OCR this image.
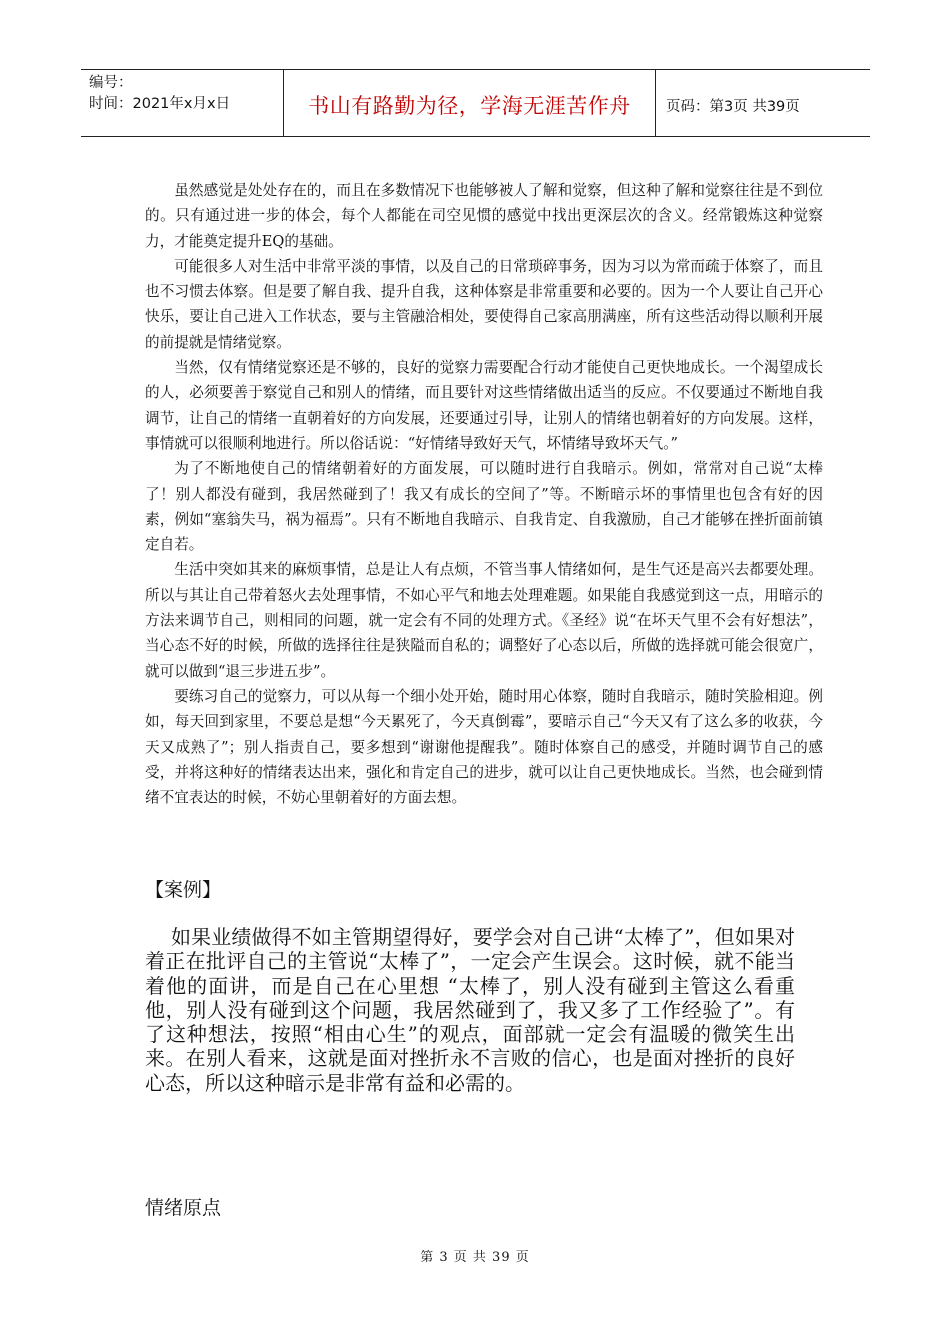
编号：
时间：2021年x月x日	书山有路勤为径，学海无涯苦作舟	页码：第3页 共39页

虽然感觉是处处存在的，而且在多数情况下也能够被人了解和觉察，但这种了解和觉察往往是不到位的。只有通过进一步的体会，每个人都能在司空见惯的感觉中找出更深层次的含义。经常锻炼这种觉察力，才能奠定提升EQ的基础。

可能很多人对生活中非常平淡的事情，以及自己的日常琐碎事务，因为习以为常而疏于体察了，而且也不习惯去体察。但是要了解自我、提升自我，这种体察是非常重要和必要的。因为一个人要让自己开心快乐，要让自己进入工作状态，要与主管融洽相处，要使得自己家高朋满座，所有这些活动得以顺利开展的前提就是情绪觉察。

当然，仅有情绪觉察还是不够的，良好的觉察力需要配合行动才能使自己更快地成长。一个渴望成长的人，必须要善于察觉自己和别人的情绪，而且要针对这些情绪做出适当的反应。不仅要通过不断地自我调节，让自己的情绪一直朝着好的方向发展，还要通过引导，让别人的情绪也朝着好的方向发展。这样，事情就可以很顺利地进行。所以俗话说：“好情绪导致好天气，坏情绪导致坏天气。”

为了不断地使自己的情绪朝着好的方面发展，可以随时进行自我暗示。例如，常常对自己说“太棒了！别人都没有碰到，我居然碰到了！我又有成长的空间了”等。不断暗示坏的事情里也包含有好的因素，例如“塞翁失马，祸为福焉”。只有不断地自我暗示、自我肯定、自我激励，自己才能够在挫折面前镇定自若。

生活中突如其来的麻烦事情，总是让人有点烦，不管当事人情绪如何，是生气还是高兴去都要处理。所以与其让自己带着怒火去处理事情，不如心平气和地去处理难题。如果能自我感觉到这一点，用暗示的方法来调节自己，则相同的问题，就一定会有不同的处理方式。《圣经》说“在坏天气里不会有好想法”，当心态不好的时候，所做的选择往往是狭隘而自私的；调整好了心态以后，所做的选择就可能会很宽广，就可以做到“退三步进五步”。

要练习自己的觉察力，可以从每一个细小处开始，随时用心体察，随时自我暗示，随时笑脸相迎。例如，每天回到家里，不要总是想“今天累死了，今天真倒霉”，要暗示自己“今天又有了这么多的收获，今天又成熟了”；别人指责自己，要多想到“谢谢他提醒我”。随时体察自己的感受，并随时调节自己的感受，并将这种好的情绪表达出来，强化和肯定自己的进步，就可以让自己更快地成长。当然，也会碰到情绪不宜表达的时候，不妨心里朝着好的方面去想。

【案例】

如果业绩做得不如主管期望得好，要学会对自己讲“太棒了”，但如果对着正在批评自己的主管说“太棒了”，一定会产生误会。这时候，就不能当着他的面讲，而是自己在心里想 “太棒了，别人没有碰到主管这么看重他，别人没有碰到这个问题，我居然碰到了，我又多了工作经验了”。有了这种想法，按照“相由心生”的观点，面部就一定会有温暖的微笑生出来。在别人看来，这就是面对挫折永不言败的信心，也是面对挫折的良好心态，所以这种暗示是非常有益和必需的。

情绪原点
第 3 页 共 39 页
